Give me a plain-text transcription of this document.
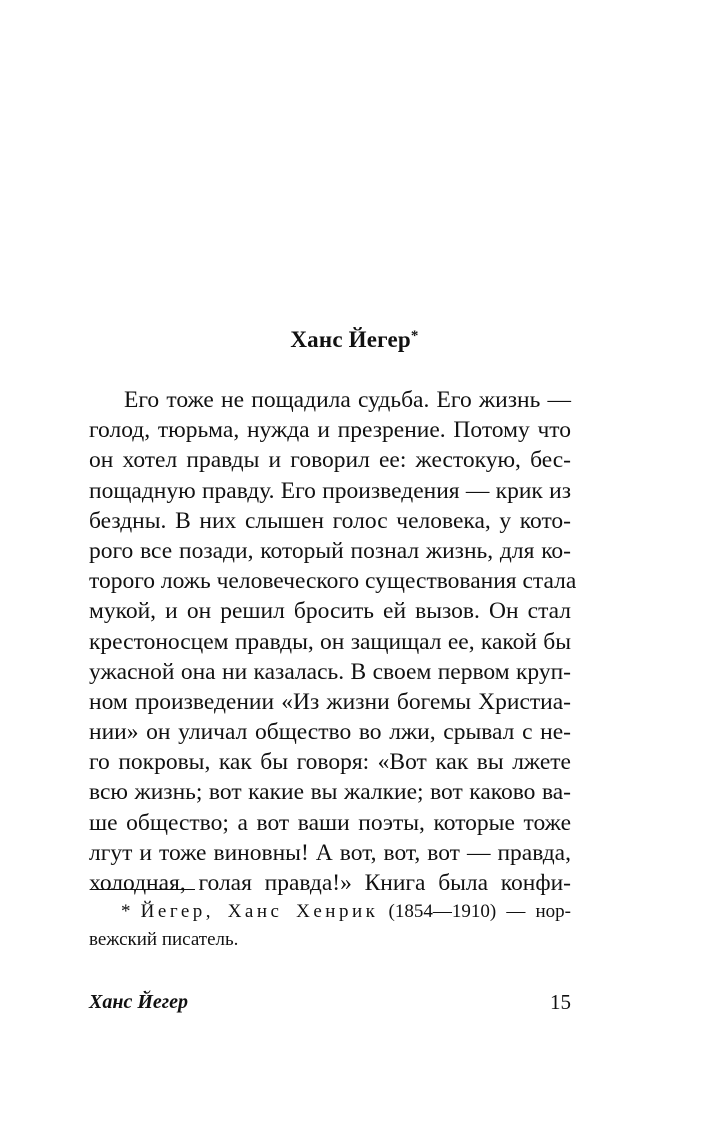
Ханс Йегер*
Его тоже не пощадила судьба. Его жизнь —
голод, тюрьма, нужда и презрение. Потому что
он хотел правды и говорил ее: жестокую, бес-
пощадную правду. Его произведения — крик из
бездны. В них слышен голос человека, у кото-
рого все позади, который познал жизнь, для ко-
торого ложь человеческого существования стала
мукой, и он решил бросить ей вызов. Он стал
крестоносцем правды, он защищал ее, какой бы
ужасной она ни казалась. В своем первом круп-
ном произведении «Из жизни богемы Христиа-
нии» он уличал общество во лжи, срывал с не-
го покровы, как бы говоря: «Вот как вы лжете
всю жизнь; вот какие вы жалкие; вот каково ва-
ше общество; а вот ваши поэты, которые тоже
лгут и тоже виновны! А вот, вот, вот — правда,
холодная, голая правда!» Книга была конфи-
* Йегер, Ханс Хенрик (1854—1910) — нор-
вежский писатель.
Ханс Йегер	15
